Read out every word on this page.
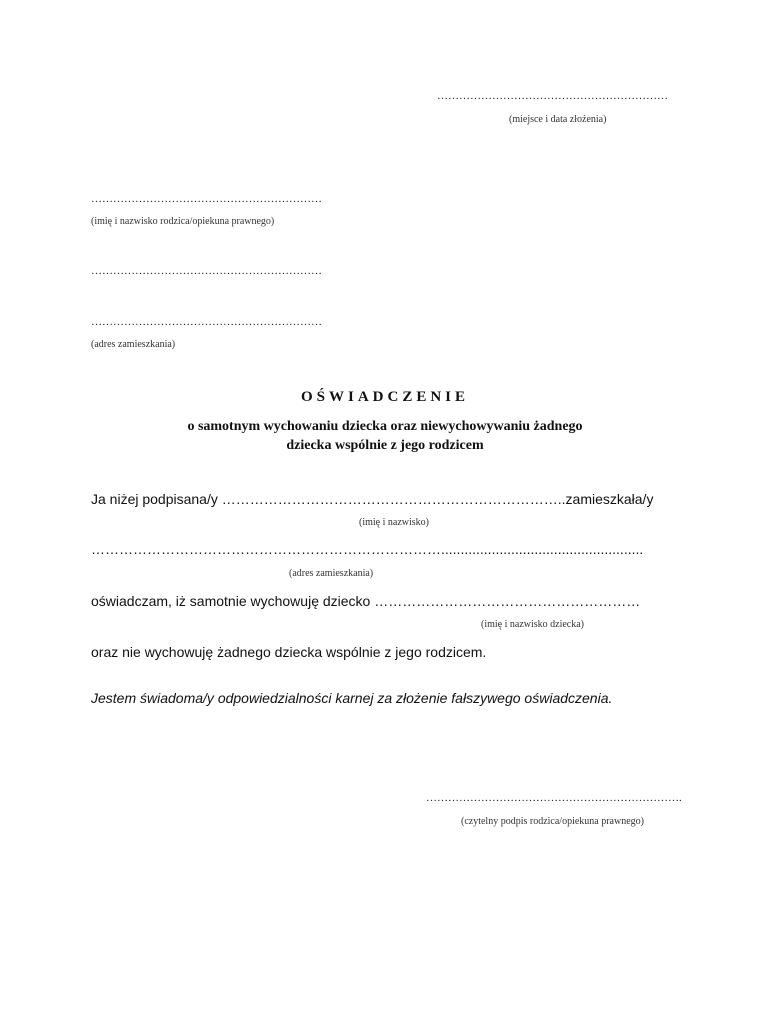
………………………………………………………
(miejsce i data złożenia)
………………………………………………………
(imię i nazwisko rodzica/opiekuna prawnego)
………………………………………………………
………………………………………………………
(adres zamieszkania)
OŚWIADCZENIE
o samotnym wychowaniu dziecka oraz niewychowywaniu żadnego
dziecka wspólnie z jego rodzicem
Ja niżej podpisana/y ………………………………………………………………..zamieszkała/y
(imię i nazwisko)
…………………………………………………………………....................................................
(adres zamieszkania)
oświadczam, iż samotnie wychowuję dziecko …………………………………………………
(imię i nazwisko dziecka)
oraz nie wychowuję żadnego dziecka wspólnie z jego rodzicem.
Jestem świadoma/y odpowiedzialności karnej za złożenie fałszywego oświadczenia.
…………………………………………………………….
(czytelny podpis rodzica/opiekuna prawnego)
